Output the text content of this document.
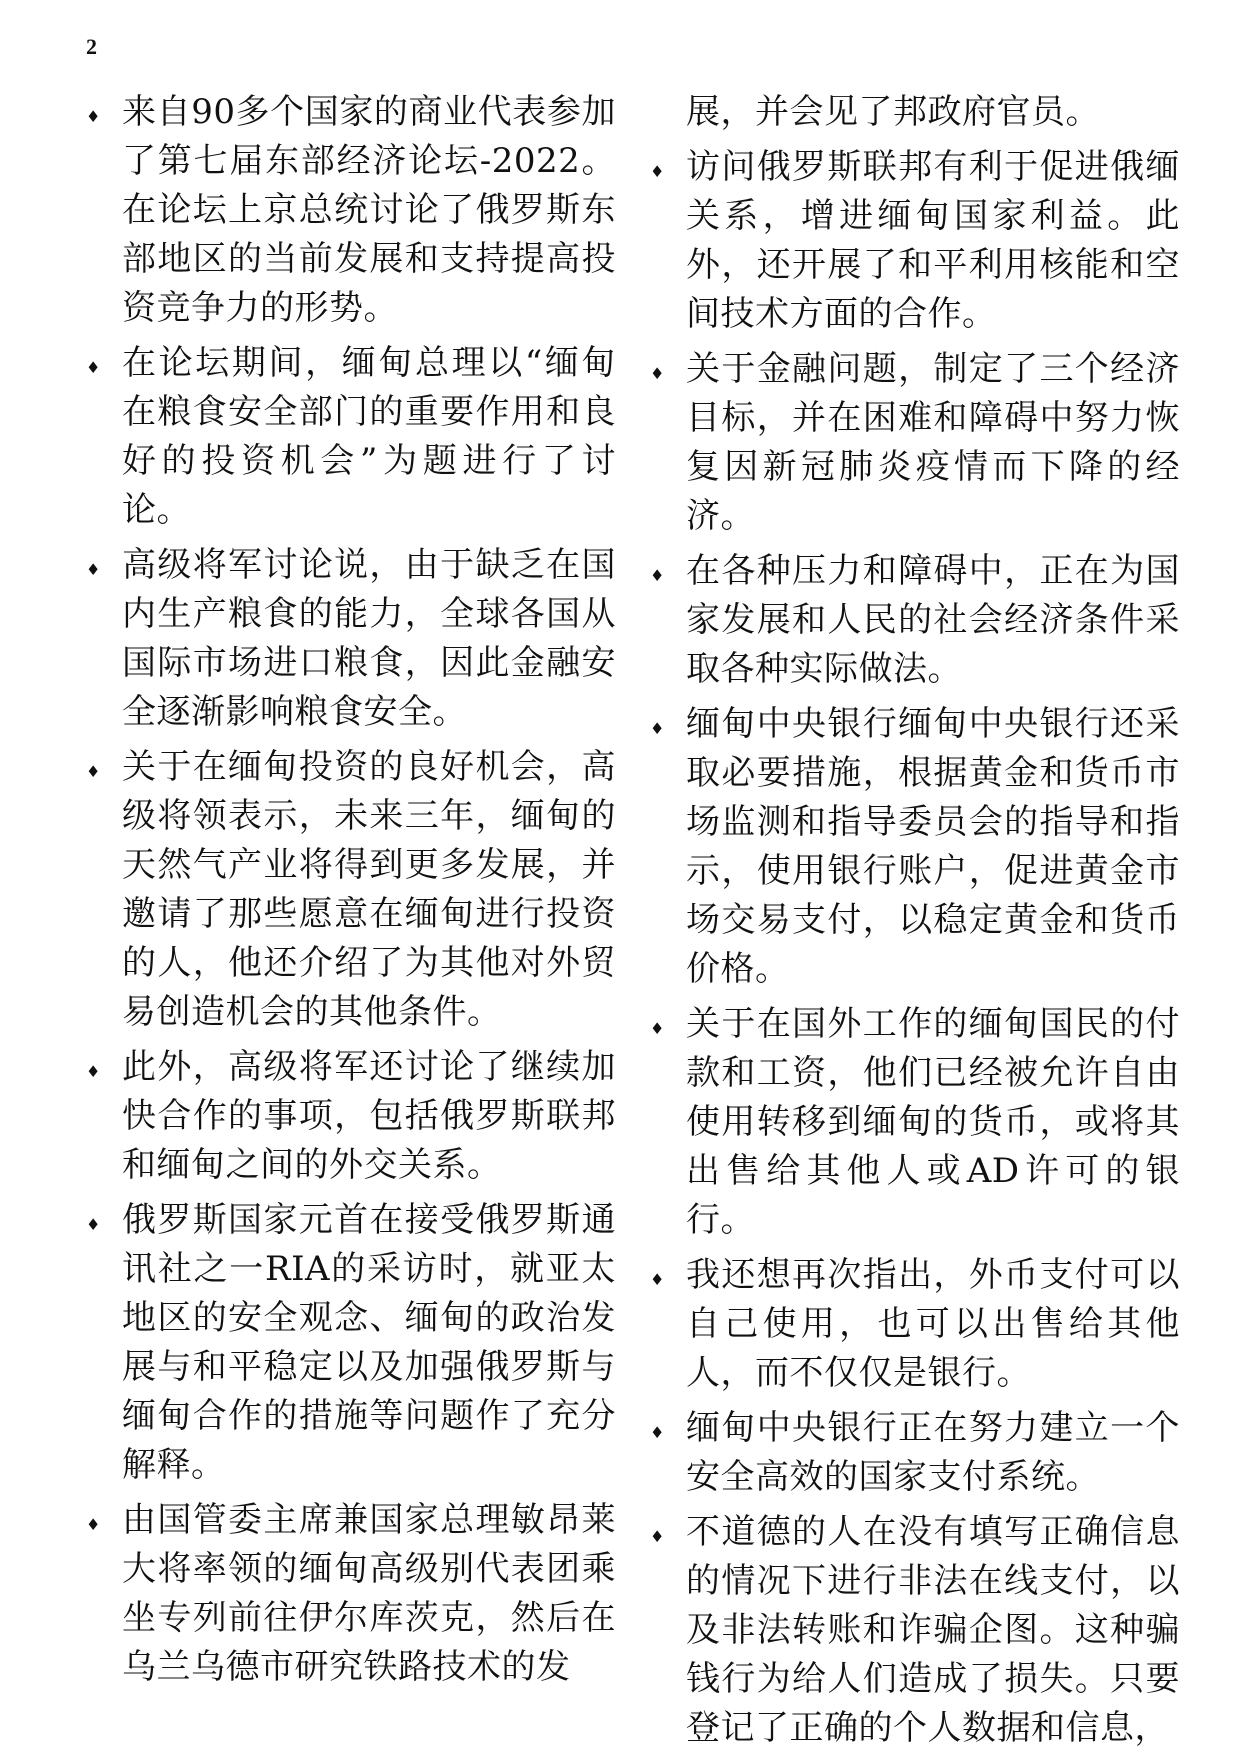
2
♦ 来自90多个国家的商业代表参加了第七届东部经济论坛-2022。在论坛上京总统讨论了俄罗斯东部地区的当前发展和支持提高投资竞争力的形势。
♦ 在论坛期间，缅甸总理以“缅甸在粮食安全部门的重要作用和良好的投资机会”为题进行了讨论。
♦ 高级将军讨论说，由于缺乏在国内生产粮食的能力，全球各国从国际市场进口粮食，因此金融安全逐渐影响粮食安全。
♦ 关于在缅甸投资的良好机会，高级将领表示，未来三年，缅甸的天然气产业将得到更多发展，并邀请了那些愿意在缅甸进行投资的人，他还介绍了为其他对外贸易创造机会的其他条件。
♦ 此外，高级将军还讨论了继续加快合作的事项，包括俄罗斯联邦和缅甸之间的外交关系。
♦ 俄罗斯国家元首在接受俄罗斯通讯社之一RIA的采访时，就亚太地区的安全观念、缅甸的政治发展与和平稳定以及加强俄罗斯与缅甸合作的措施等问题作了充分解释。
♦ 由国管委主席兼国家总理敏昂莱大将率领的缅甸高级别代表团乘坐专列前往伊尔库茨克，然后在乌兰乌德市研究铁路技术的发
展，并会见了邦政府官员。
♦ 访问俄罗斯联邦有利于促进俄缅关系，增进缅甸国家利益。此外，还开展了和平利用核能和空间技术方面的合作。
♦ 关于金融问题，制定了三个经济目标，并在困难和障碍中努力恢复因新冠肺炎疫情而下降的经济。
♦ 在各种压力和障碍中，正在为国家发展和人民的社会经济条件采取各种实际做法。
♦ 缅甸中央银行缅甸中央银行还采取必要措施，根据黄金和货币市场监测和指导委员会的指导和指示，使用银行账户，促进黄金市场交易支付，以稳定黄金和货币价格。
♦ 关于在国外工作的缅甸国民的付款和工资，他们已经被允许自由使用转移到缅甸的货币，或将其出售给其他人或AD许可的银行。
♦ 我还想再次指出，外币支付可以自己使用，也可以出售给其他人，而不仅仅是银行。
♦ 缅甸中央银行正在努力建立一个安全高效的国家支付系统。
♦ 不道德的人在没有填写正确信息的情况下进行非法在线支付，以及非法转账和诈骗企图。这种骗钱行为给人们造成了损失。只要登记了正确的个人数据和信息，
